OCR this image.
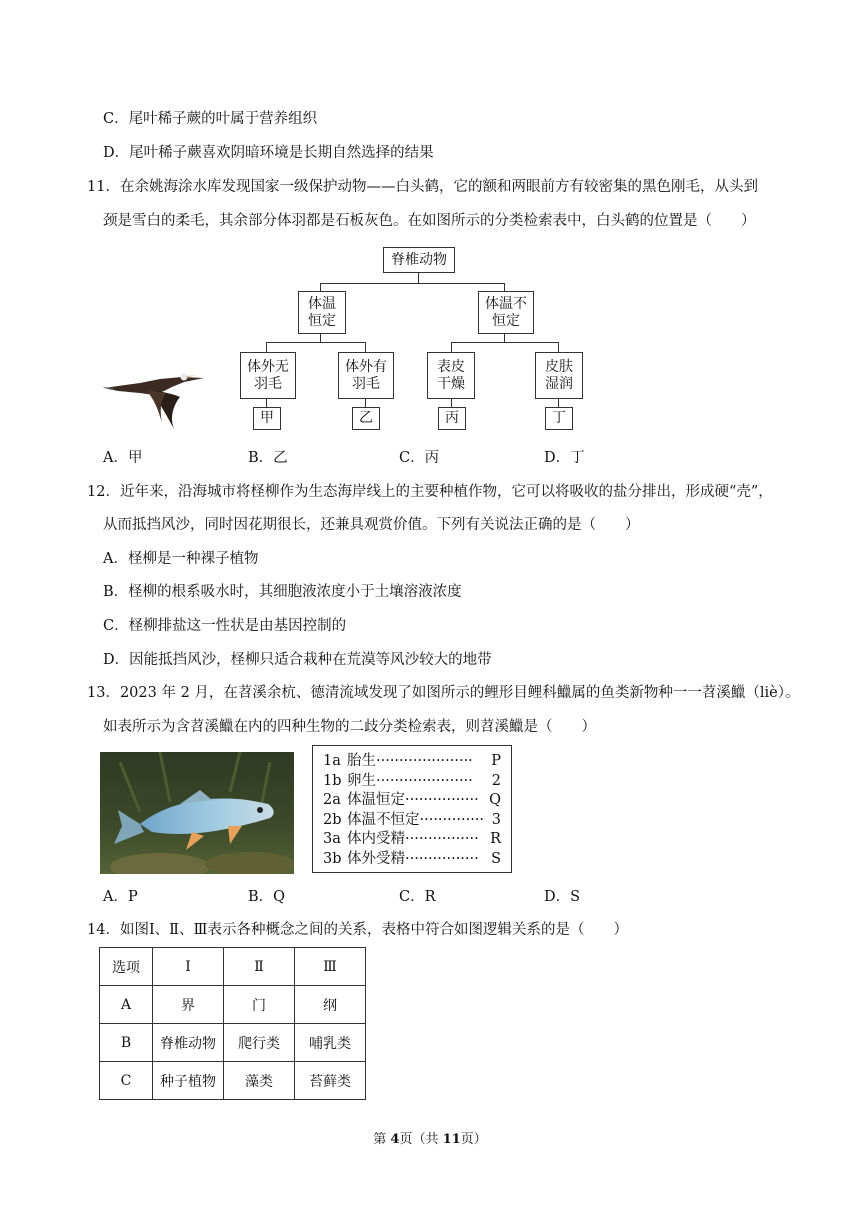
C．尾叶稀子蕨的叶属于营养组织
D．尾叶稀子蕨喜欢阴暗环境是长期自然选择的结果
11．在余姚海涂水库发现国家一级保护动物——白头鹤，它的额和两眼前方有较密集的黑色刚毛，从头到
颈是雪白的柔毛，其余部分体羽都是石板灰色。在如图所示的分类检索表中，白头鹤的位置是（　　）
脊椎动物
体温
恒定
体温不
恒定
体外无
羽毛
体外有
羽毛
表皮
干燥
皮肤
湿润
甲	乙	丙	丁
A．甲	B．乙	C．丙	D．丁
12．近年来，沿海城市将柽柳作为生态海岸线上的主要种植作物，它可以将吸收的盐分排出，形成硬“壳”，
从而抵挡风沙，同时因花期很长，还兼具观赏价值。下列有关说法正确的是（　　）
A．柽柳是一种裸子植物
B．柽柳的根系吸水时，其细胞液浓度小于土壤溶液浓度
C．柽柳排盐这一性状是由基因控制的
D．因能抵挡风沙，柽柳只适合栽种在荒漠等风沙较大的地带
13．2023 年 2 月，在苕溪余杭、德清流域发现了如图所示的鲤形目鲤科鱲属的鱼类新物种一一苕溪鱲（liè）。
如表所示为含苕溪鱲在内的四种生物的二歧分类检索表，则苕溪鱲是（　　）
1a 胎生·····················	P
1b 卵生·····················	2
2a 体温恒定················ Q
2b 体温不恒定·············· 3
3a 体内受精················ R
3b 体外受精················ S
A．P	B．Q	C．R	D．S
14．如图Ⅰ、Ⅱ、Ⅲ表示各种概念之间的关系，表格中符合如图逻辑关系的是（　　）
选项	Ⅰ	Ⅱ	Ⅲ
A	界	门	纲
B	脊椎动物	爬行类	哺乳类
C	种子植物	藻类	苔藓类
第 4页（共 11页）
